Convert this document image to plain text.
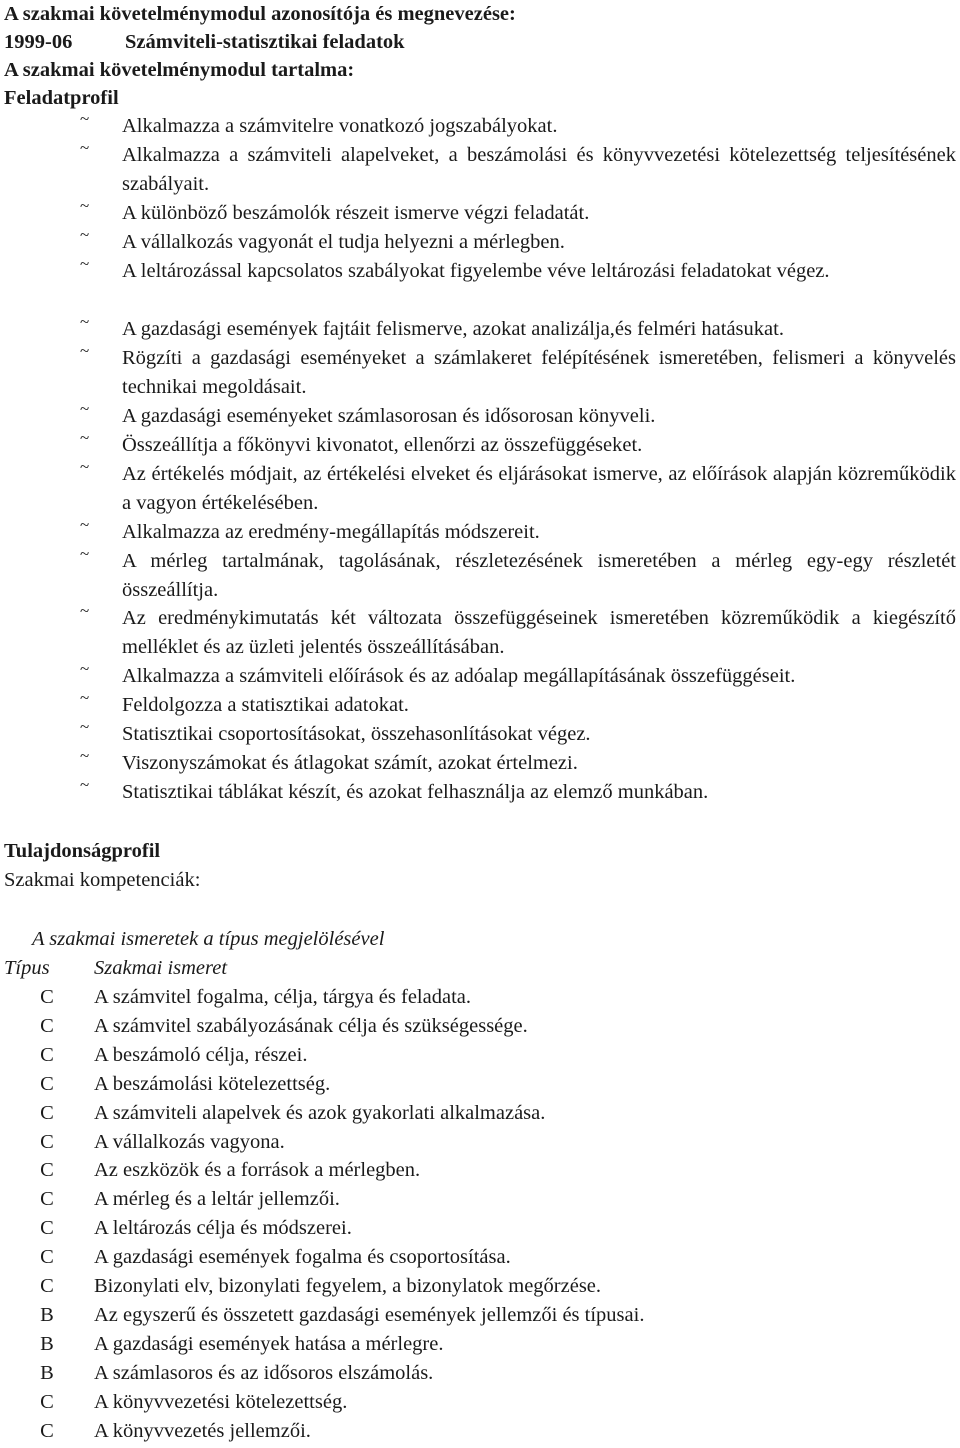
A szakmai követelménymodul azonosítója és megnevezése:
1999-06	Számviteli-statisztikai feladatok
A szakmai követelménymodul tartalma:
Feladatprofil
~ Alkalmazza a számvitelre vonatkozó jogszabályokat.
~ Alkalmazza a számviteli alapelveket, a beszámolási és könyvvezetési kötelezettség teljesítésének szabályait.
~ A különböző beszámolók részeit ismerve végzi feladatát.
~ A vállalkozás vagyonát el tudja helyezni a mérlegben.
~ A leltározással kapcsolatos szabályokat figyelembe véve leltározási feladatokat végez.
~ A gazdasági események fajtáit felismerve, azokat analizálja,és felméri hatásukat.
~ Rögzíti a gazdasági eseményeket a számlakeret felépítésének ismeretében, felismeri a könyvelés technikai megoldásait.
~ A gazdasági eseményeket számlasorosan és idősorosan könyveli.
~ Összeállítja a főkönyvi kivonatot, ellenőrzi az összefüggéseket.
~ Az értékelés módjait, az értékelési elveket és eljárásokat ismerve, az előírások alapján közreműködik a vagyon értékelésében.
~ Alkalmazza az eredmény-megállapítás módszereit.
~ A mérleg tartalmának, tagolásának, részletezésének ismeretében a mérleg egy-egy részletét összeállítja.
~ Az eredménykimutatás két változata összefüggéseinek ismeretében közreműködik a kiegészítő melléklet és az üzleti jelentés összeállításában.
~ Alkalmazza a számviteli előírások és az adóalap megállapításának összefüggéseit.
~ Feldolgozza a statisztikai adatokat.
~ Statisztikai csoportosításokat, összehasonlításokat végez.
~ Viszonyszámokat és átlagokat számít, azokat értelmezi.
~ Statisztikai táblákat készít, és azokat felhasználja az elemző munkában.
Tulajdonságprofil
Szakmai kompetenciák:
A szakmai ismeretek a típus megjelölésével
Típus	Szakmai ismeret
C	A számvitel fogalma, célja, tárgya és feladata.
C	A számvitel szabályozásának célja és szükségessége.
C	A beszámoló célja, részei.
C	A beszámolási kötelezettség.
C	A számviteli alapelvek és azok gyakorlati alkalmazása.
C	A vállalkozás vagyona.
C	Az eszközök és a források a mérlegben.
C	A mérleg és a leltár jellemzői.
C	A leltározás célja és módszerei.
C	A gazdasági események fogalma és csoportosítása.
C	Bizonylati elv, bizonylati fegyelem, a bizonylatok megőrzése.
B	Az egyszerű és összetett gazdasági események jellemzői és típusai.
B	A gazdasági események hatása a mérlegre.
B	A számlasoros és az idősoros elszámolás.
C	A könyvvezetési kötelezettség.
C	A könyvvezetés jellemzői.
